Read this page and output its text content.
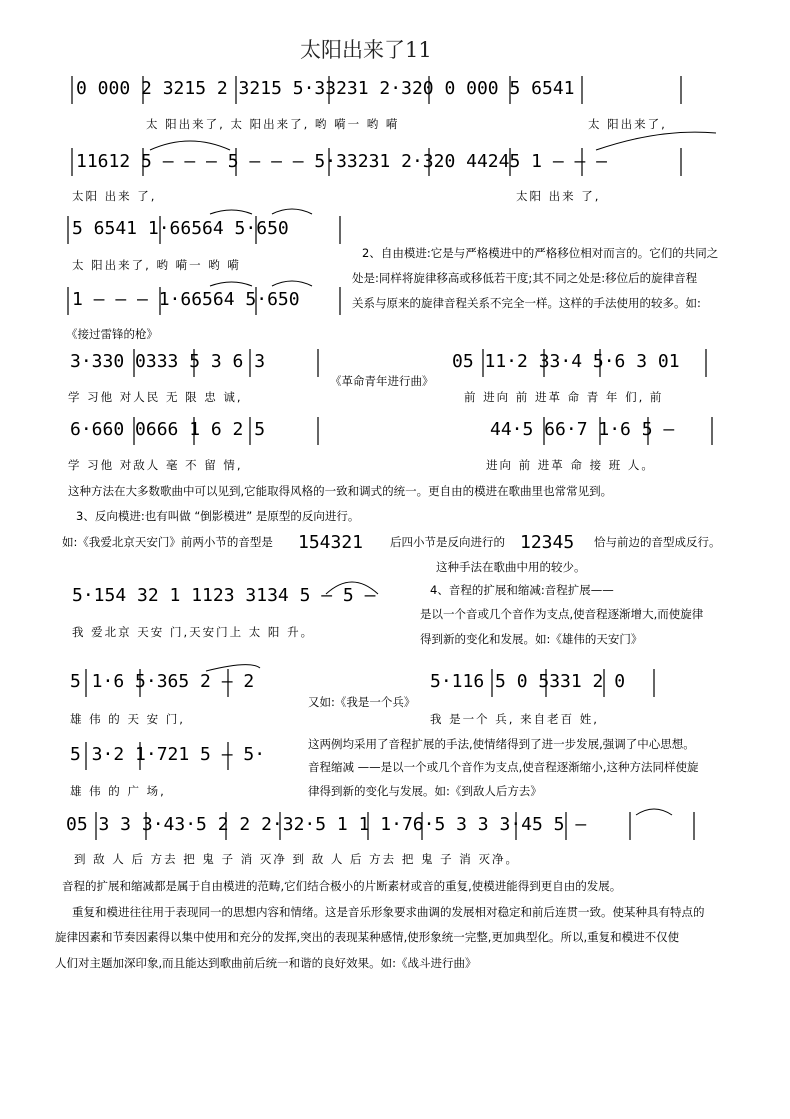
太阳出来了11
0 000 2 3215 2 3215 5·33231 2·320 0 000 5 6541
太 阳出来了, 太 阳出来了, 哟 嗬一 哟 嗬	太 阳出来了,
11612 5 – – – 5 – – – 5·33231 2·320 44245 1 – – –
太阳 出来 了,	太阳 出来 了,
5 6541 1·66564 5·650
太 阳出来了, 哟 嗬一 哟 嗬
1 – – – 1·66564 5·650
2、自由模进:它是与严格模进中的严格移位相对而言的。它们的共同之
处是:同样将旋律移高或移低若干度;其不同之处是:移位后的旋律音程
关系与原来的旋律音程关系不完全一样。这样的手法使用的较多。如:
《接过雷锋的枪》
3·330 0333 5 3 6 3	05 11·2 33·4 5·6 3 01
《革命青年进行曲》
学 习他 对人民 无 限 忠 诚,	前 进向 前 进革 命 青 年 们, 前
6·660 0666 1 6 2 5	44·5 66·7 1·6 5 –
学 习他 对敌人 毫 不 留 情,	进向 前 进革 命 接 班 人。
这种方法在大多数歌曲中可以见到,它能取得风格的一致和调式的统一。更自由的模进在歌曲里也常常见到。
3、反向模进:也有叫做 “倒影模进” 是原型的反向进行。
如:《我爱北京天安门》前两小节的音型是 154321 后四小节是反向进行的 12345 恰与前边的音型成反行。
这种手法在歌曲中用的较少。
5·154 32 1 1123 3134 5 – 5 –	4、音程的扩展和缩减:音程扩展——
我 爱北京 天安 门,天安门上 太 阳 升。
是以一个音或几个音作为支点,使音程逐渐增大,而使旋律
得到新的变化和发展。如:《雄伟的天安门》
5 1·6 5·365 2 – 2	5·116 5 0 5331 2 0
又如:《我是一个兵》
雄 伟 的 天 安 门,	我 是一个 兵, 来自老百 姓,
5 3·2 1·721 5 – 5·	这两例均采用了音程扩展的手法,使情绪得到了进一步发展,强调了中心思想。
音程缩减 ——是以一个或几个音作为支点,使音程逐渐缩小,这种方法同样使旋
雄 伟 的 广 场,	律得到新的变化与发展。如:《到敌人后方去》
05 3 3 3·43·5 2 2 2·32·5 1 1 1·76·5 3 3 3·45 5 –
到 敌 人 后 方去 把 鬼 子 消 灭净 到 敌 人 后 方去 把 鬼 子 消 灭净。
音程的扩展和缩减都是属于自由模进的范畴,它们结合极小的片断素材或音的重复,使模进能得到更自由的发展。
重复和模进往往用于表现同一的思想内容和情绪。这是音乐形象要求曲调的发展相对稳定和前后连贯一致。使某种具有特点的
旋律因素和节奏因素得以集中使用和充分的发挥,突出的表现某种感情,使形象统一完整,更加典型化。所以,重复和模进不仅使
人们对主题加深印象,而且能达到歌曲前后统一和谐的良好效果。如:《战斗进行曲》
